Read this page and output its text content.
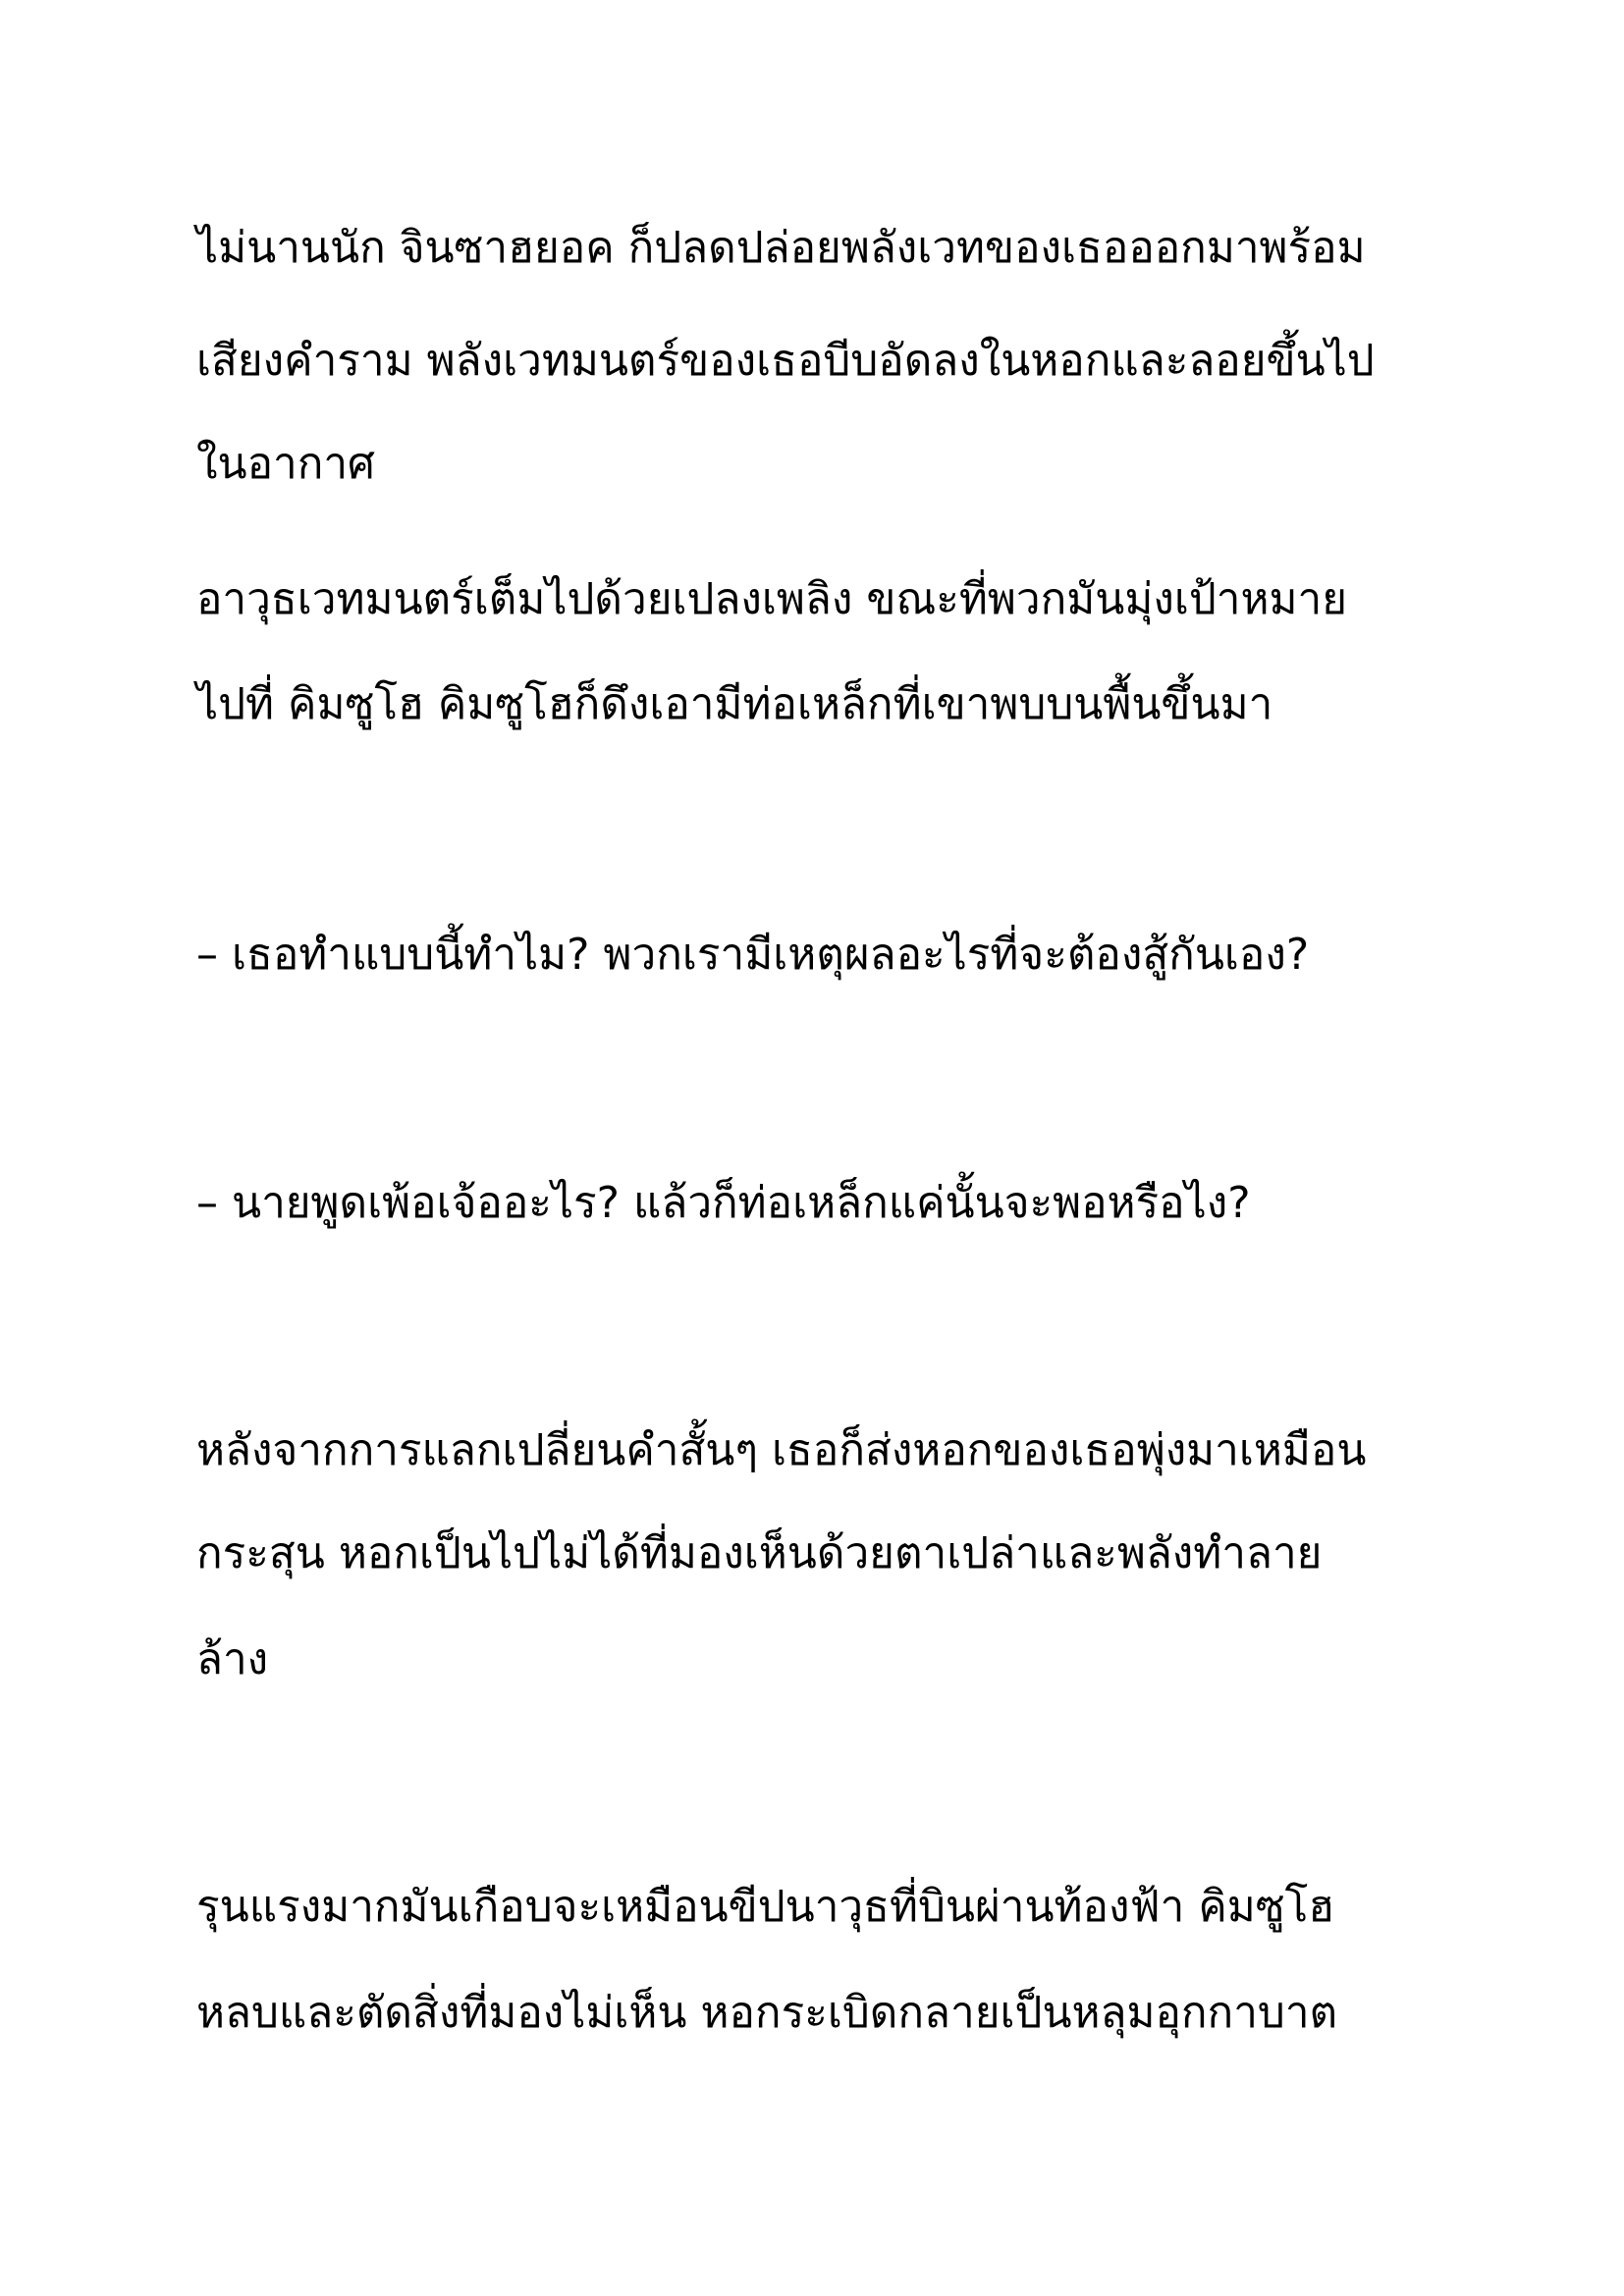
ไม่นานนัก จินซาฮยอค ก็ปลดปล่อยพลังเวทของเธอออกมาพร้อม
เสียงคำราม พลังเวทมนตร์ของเธอบีบอัดลงในหอกและลอยขึ้นไป
ในอากาศ
อาวุธเวทมนตร์เต็มไปด้วยเปลงเพลิง ขณะที่พวกมันมุ่งเป้าหมาย
ไปที่ คิมซูโฮ คิมซูโฮก็ดึงเอามีท่อเหล็กที่เขาพบบนพื้นขึ้นมา
– เธอทำแบบนี้ทำไม? พวกเรามีเหตุผลอะไรที่จะต้องสู้กันเอง?
– นายพูดเพ้อเจ้ออะไร? แล้วก็ท่อเหล็กแค่นั้นจะพอหรือไง?
หลังจากการแลกเปลี่ยนคำสั้นๆ เธอก็ส่งหอกของเธอพุ่งมาเหมือน
กระสุน หอกเป็นไปไม่ได้ที่มองเห็นด้วยตาเปล่าและพลังทำลาย
ล้าง
รุนแรงมากมันเกือบจะเหมือนขีปนาวุธที่บินผ่านท้องฟ้า คิมซูโฮ
หลบและตัดสิ่งที่มองไม่เห็น หอกระเบิดกลายเป็นหลุมอุกกาบาต
